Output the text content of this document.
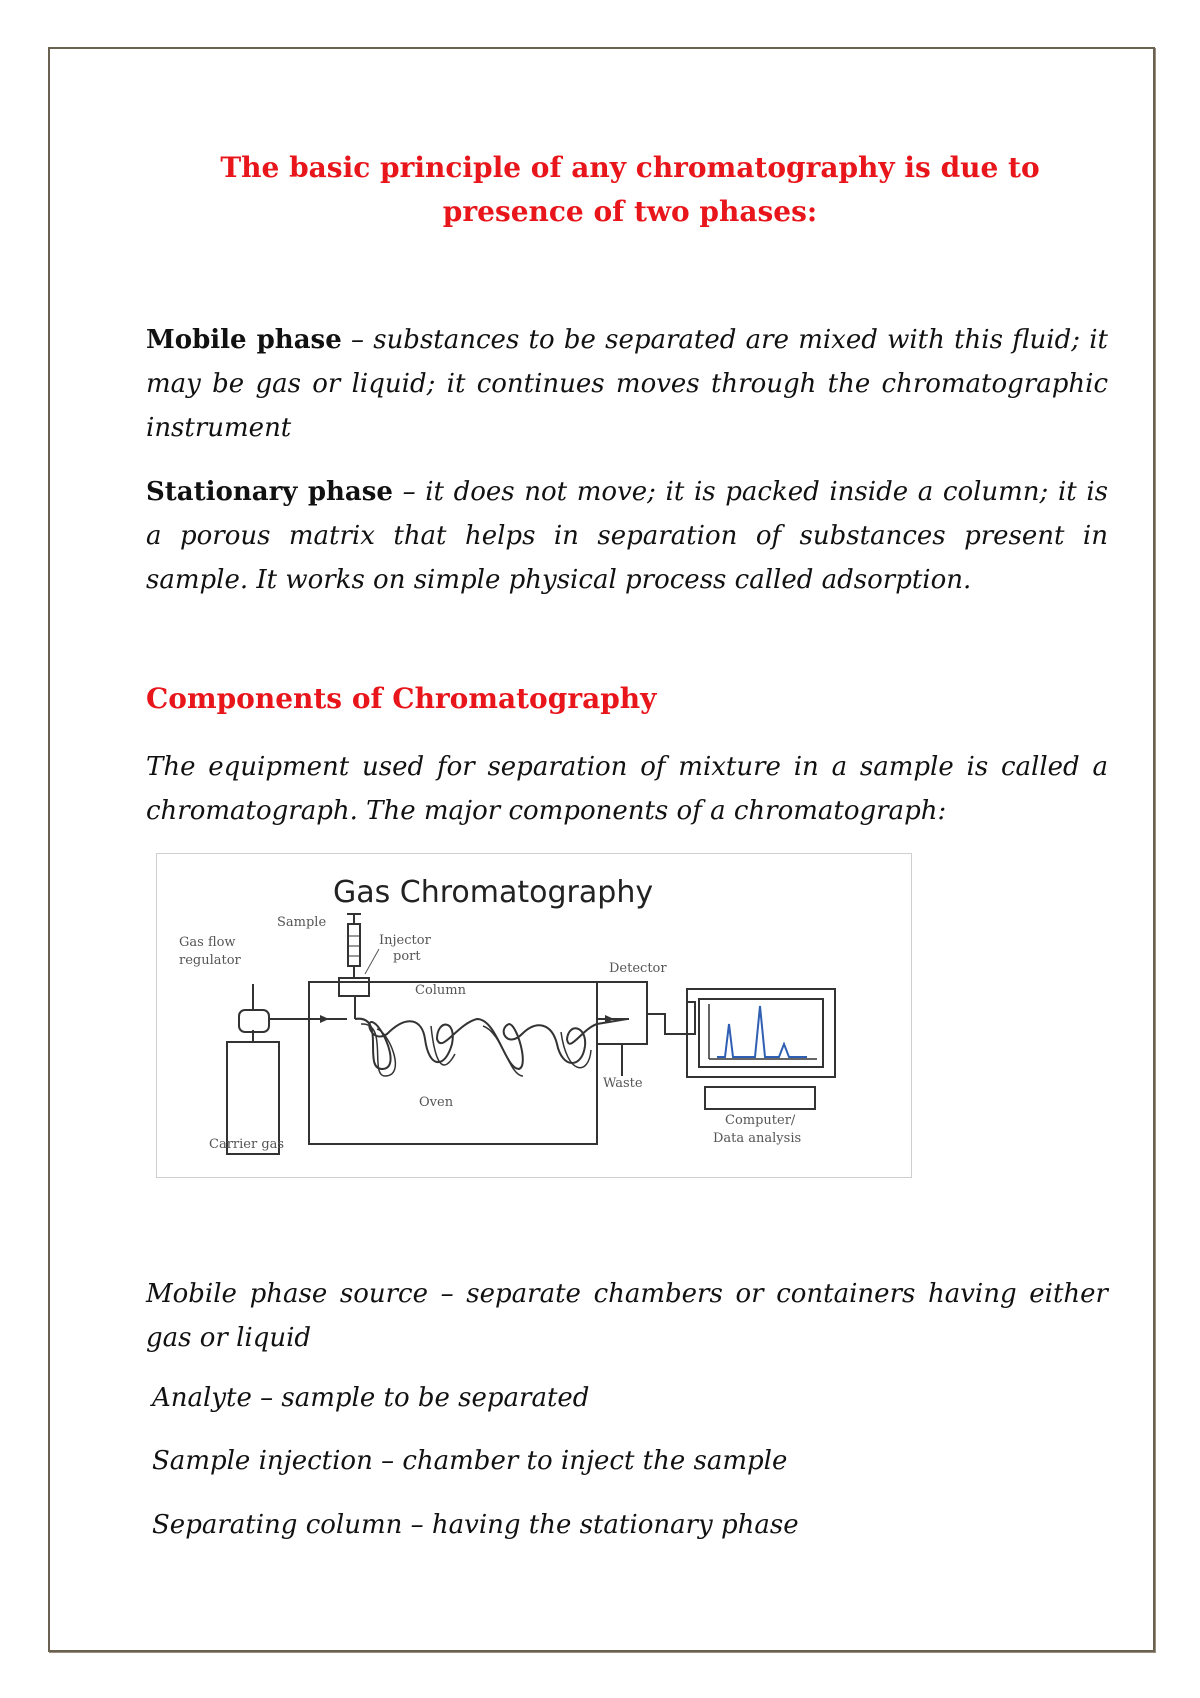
The basic principle of any chromatography is due to presence of two phases:
Mobile phase – substances to be separated are mixed with this fluid; it may be gas or liquid; it continues moves through the chromatographic instrument
Stationary phase – it does not move; it is packed inside a column; it is a porous matrix that helps in separation of substances present in sample. It works on simple physical process called adsorption.
Components of Chromatography
The equipment used for separation of mixture in a sample is called a chromatograph. The major components of a chromatograph:
Gas Chromatography
Sample
Injector
port
Gas flow
regulator
Column
Detector
Oven
Waste
Carrier gas
Computer/
Data analysis
Mobile phase source – separate chambers or containers having either gas or liquid
Analyte – sample to be separated
Sample injection – chamber to inject the sample
Separating column – having the stationary phase
